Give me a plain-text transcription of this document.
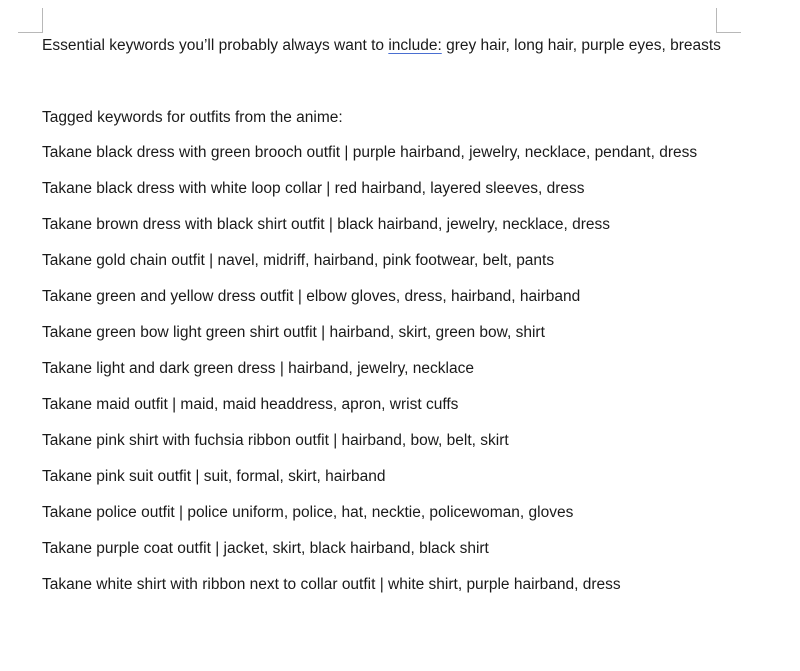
Essential keywords you’ll probably always want to include: grey hair, long hair, purple eyes, breasts

Tagged keywords for outfits from the anime:

Takane black dress with green brooch outfit | purple hairband, jewelry, necklace, pendant, dress
Takane black dress with white loop collar | red hairband, layered sleeves, dress
Takane brown dress with black shirt outfit | black hairband, jewelry, necklace, dress
Takane gold chain outfit | navel, midriff, hairband, pink footwear, belt, pants
Takane green and yellow dress outfit | elbow gloves, dress, hairband, hairband
Takane green bow light green shirt outfit | hairband, skirt, green bow, shirt
Takane light and dark green dress | hairband, jewelry, necklace
Takane maid outfit | maid, maid headdress, apron, wrist cuffs
Takane pink shirt with fuchsia ribbon outfit | hairband, bow, belt, skirt
Takane pink suit outfit | suit, formal, skirt, hairband
Takane police outfit | police uniform, police, hat, necktie, policewoman, gloves
Takane purple coat outfit | jacket, skirt, black hairband, black shirt
Takane white shirt with ribbon next to collar outfit | white shirt, purple hairband, dress
